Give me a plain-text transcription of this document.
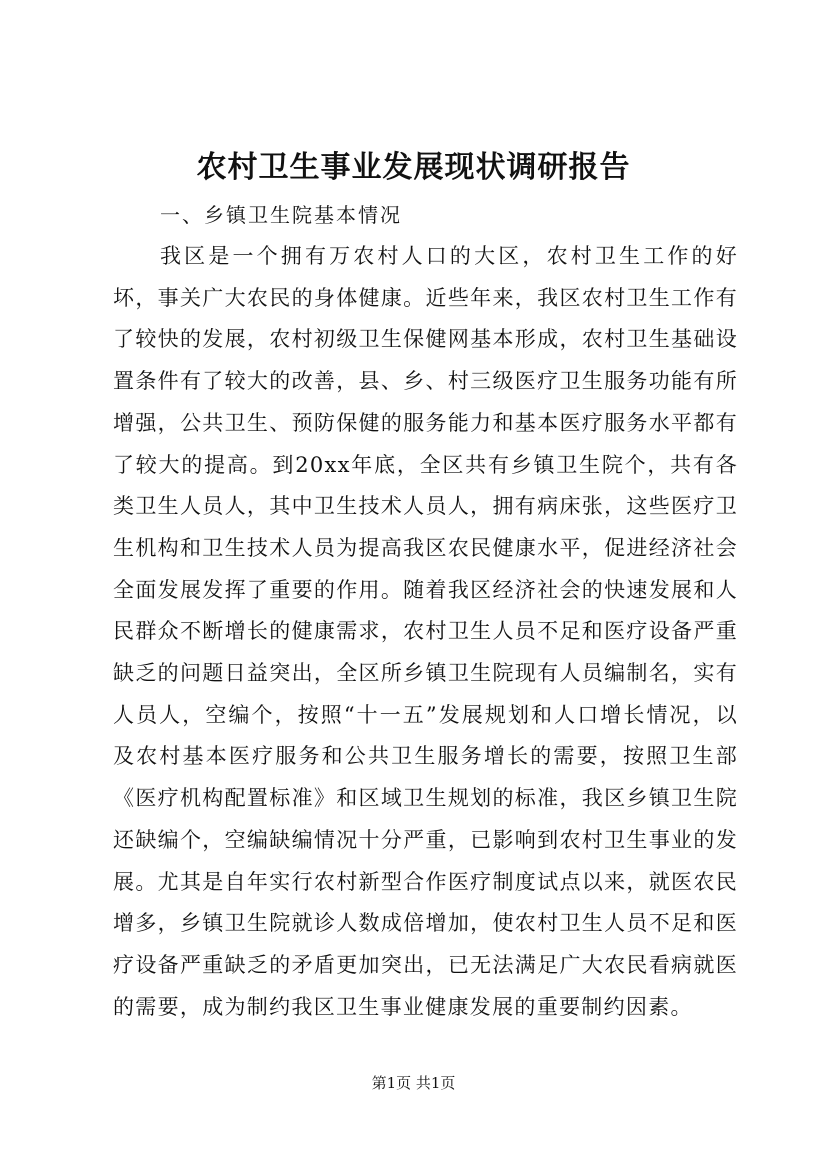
农村卫生事业发展现状调研报告

一、乡镇卫生院基本情况

我区是一个拥有万农村人口的大区，农村卫生工作的好坏，事关广大农民的身体健康。近些年来，我区农村卫生工作有了较快的发展，农村初级卫生保健网基本形成，农村卫生基础设置条件有了较大的改善，县、乡、村三级医疗卫生服务功能有所增强，公共卫生、预防保健的服务能力和基本医疗服务水平都有了较大的提高。到20xx年底，全区共有乡镇卫生院个，共有各类卫生人员人，其中卫生技术人员人，拥有病床张，这些医疗卫生机构和卫生技术人员为提高我区农民健康水平，促进经济社会全面发展发挥了重要的作用。随着我区经济社会的快速发展和人民群众不断增长的健康需求，农村卫生人员不足和医疗设备严重缺乏的问题日益突出，全区所乡镇卫生院现有人员编制名，实有人员人，空编个，按照“十一五”发展规划和人口增长情况，以及农村基本医疗服务和公共卫生服务增长的需要，按照卫生部《医疗机构配置标准》和区域卫生规划的标准，我区乡镇卫生院还缺编个，空编缺编情况十分严重，已影响到农村卫生事业的发展。尤其是自年实行农村新型合作医疗制度试点以来，就医农民增多，乡镇卫生院就诊人数成倍增加，使农村卫生人员不足和医疗设备严重缺乏的矛盾更加突出，已无法满足广大农民看病就医的需要，成为制约我区卫生事业健康发展的重要制约因素。

第1页 共1页
